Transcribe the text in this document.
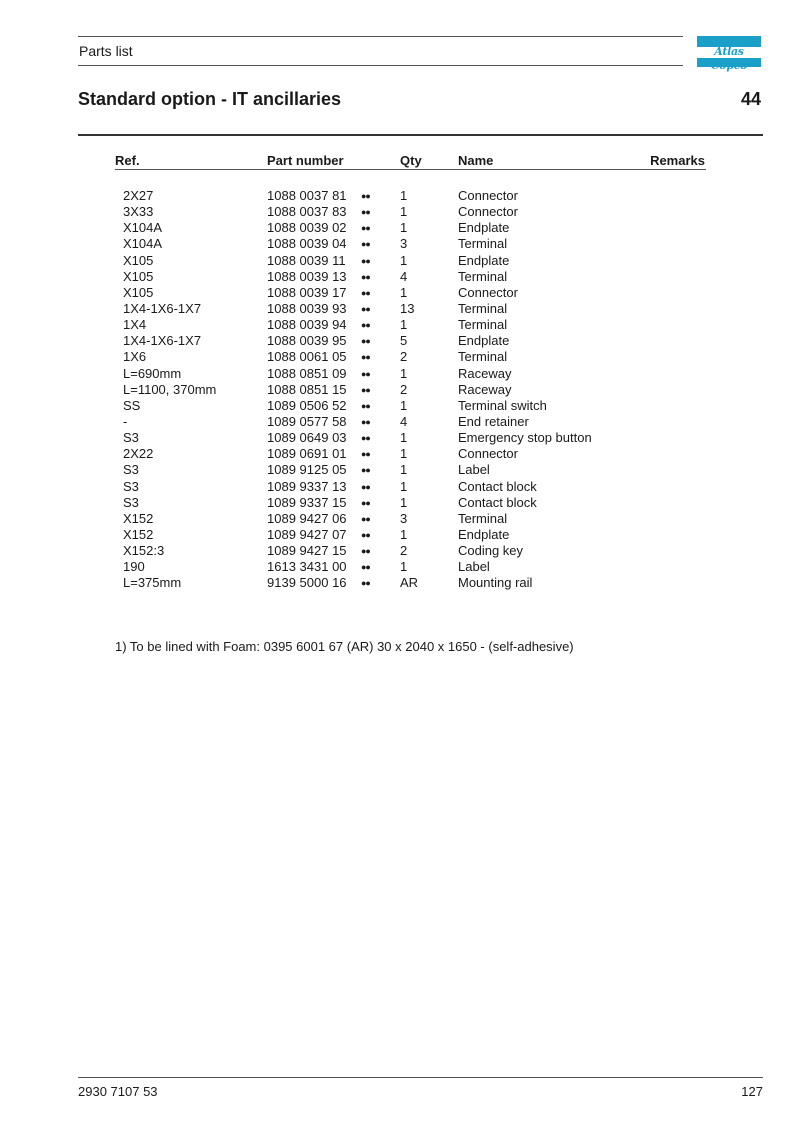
Parts list	Atlas Copco
Standard option - IT ancillaries	44
Ref.	Part number	Qty	Name	Remarks
2X27	1088 0037 81 ●● 1	Connector
3X33	1088 0037 83 ●● 1	Connector
X104A	1088 0039 02 ●● 1	Endplate
X104A	1088 0039 04 ●● 3	Terminal
X105	1088 0039 11 ●● 1	Endplate
X105	1088 0039 13 ●● 4	Terminal
X105	1088 0039 17 ●● 1	Connector
1X4-1X6-1X7	1088 0039 93 ●● 13	Terminal
1X4	1088 0039 94 ●● 1	Terminal
1X4-1X6-1X7	1088 0039 95 ●● 5	Endplate
1X6	1088 0061 05 ●● 2	Terminal
L=690mm	1088 0851 09 ●● 1	Raceway
L=1100, 370mm	1088 0851 15 ●● 2	Raceway
SS	1089 0506 52 ●● 1	Terminal switch
-	1089 0577 58 ●● 4	End retainer
S3	1089 0649 03 ●● 1	Emergency stop button
2X22	1089 0691 01 ●● 1	Connector
S3	1089 9125 05 ●● 1	Label
S3	1089 9337 13 ●● 1	Contact block
S3	1089 9337 15 ●● 1	Contact block
X152	1089 9427 06 ●● 3	Terminal
X152	1089 9427 07 ●● 1	Endplate
X152:3	1089 9427 15 ●● 2	Coding key
190	1613 3431 00 ●● 1	Label
L=375mm	9139 5000 16 ●● AR	Mounting rail
1) To be lined with Foam: 0395 6001 67 (AR) 30 x 2040 x 1650 - (self-adhesive)
2930 7107 53	127
